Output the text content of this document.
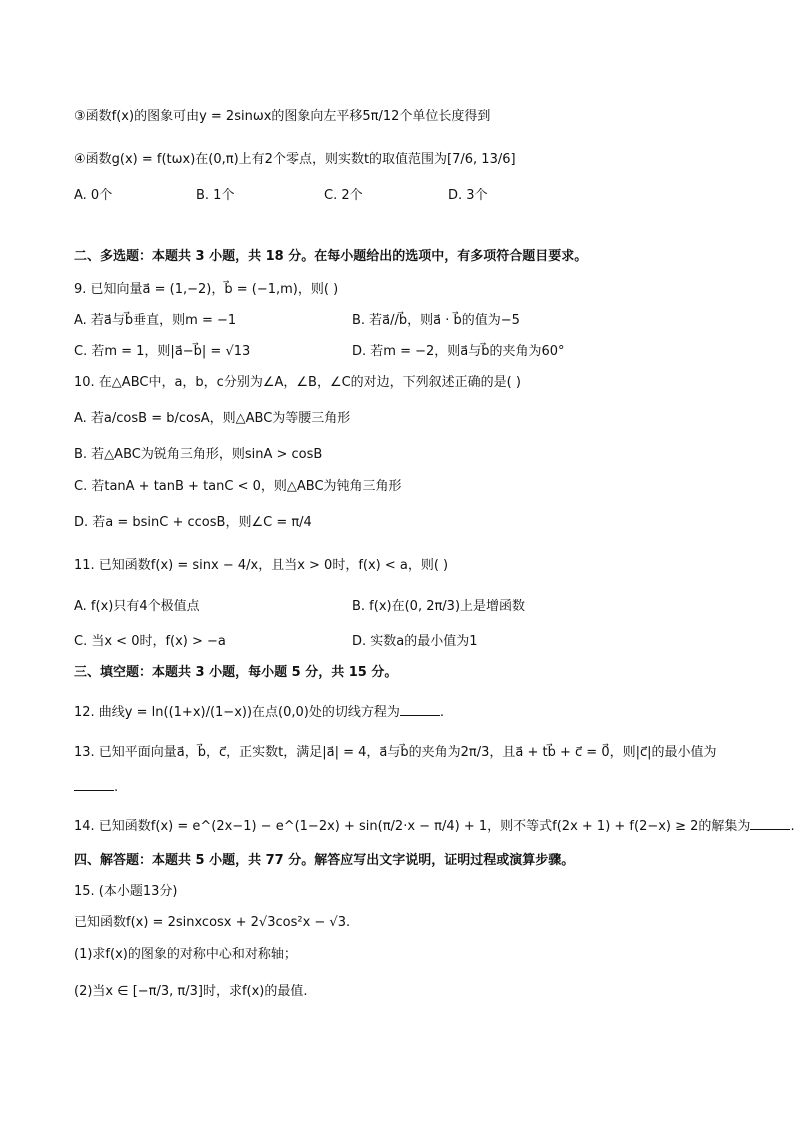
③函数f(x)的图象可由y = 2sinωx的图象向左平移5π/12个单位长度得到
④函数g(x) = f(tωx)在(0,π)上有2个零点，则实数t的取值范围为[7/6, 13/6]
A. 0个	B. 1个	C. 2个	D. 3个
二、多选题：本题共 3 小题，共 18 分。在每小题给出的选项中，有多项符合题目要求。
9. 已知向量a⃗ = (1,−2)，b⃗ = (−1,m)，则( )
A. 若a⃗与b⃗垂直，则m = −1	B. 若a⃗//b⃗，则a⃗ · b⃗的值为−5
C. 若m = 1，则|a⃗−b⃗| = √13	D. 若m = −2，则a⃗与b⃗的夹角为60°
10. 在△ABC中，a，b，c分别为∠A，∠B，∠C的对边，下列叙述正确的是( )
A. 若a/cosB = b/cosA，则△ABC为等腰三角形
B. 若△ABC为锐角三角形，则sinA > cosB
C. 若tanA + tanB + tanC < 0，则△ABC为钝角三角形
D. 若a = bsinC + ccosB，则∠C = π/4
11. 已知函数f(x) = sinx − 4/x，且当x > 0时，f(x) < a，则( )
A. f(x)只有4个极值点	B. f(x)在(0, 2π/3)上是增函数
C. 当x < 0时，f(x) > −a	D. 实数a的最小值为1
三、填空题：本题共 3 小题，每小题 5 分，共 15 分。
12. 曲线y = ln((1+x)/(1−x))在点(0,0)处的切线方程为	.
13. 已知平面向量a⃗，b⃗，c⃗，正实数t，满足|a⃗| = 4，a⃗与b⃗的夹角为2π/3，且a⃗ + tb⃗ + c⃗ = 0⃗，则|c⃗|的最小值为
.
14. 已知函数f(x) = e^(2x−1) − e^(1−2x) + sin(π/2·x − π/4) + 1，则不等式f(2x + 1) + f(2−x) ≥ 2的解集为	.
四、解答题：本题共 5 小题，共 77 分。解答应写出文字说明，证明过程或演算步骤。
15. (本小题13分)
已知函数f(x) = 2sinxcosx + 2√3cos²x − √3.
(1)求f(x)的图象的对称中心和对称轴；
(2)当x ∈ [−π/3, π/3]时，求f(x)的最值.
